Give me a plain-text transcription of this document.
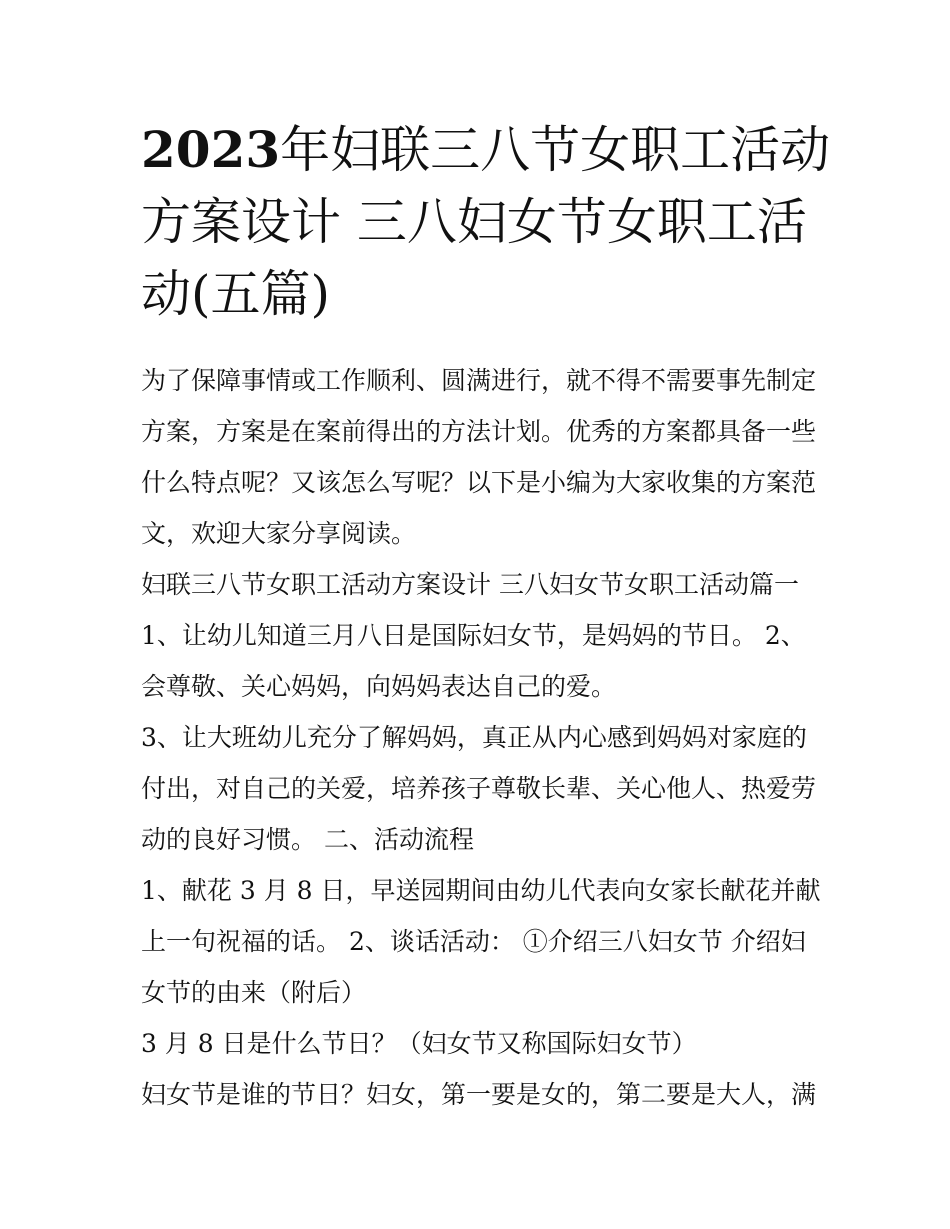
2023年妇联三八节女职工活动
方案设计 三八妇女节女职工活
动(五篇)
为了保障事情或工作顺利、圆满进行，就不得不需要事先制定
方案，方案是在案前得出的方法计划。优秀的方案都具备一些
什么特点呢？又该怎么写呢？以下是小编为大家收集的方案范
文，欢迎大家分享阅读。
妇联三八节女职工活动方案设计 三八妇女节女职工活动篇一
1、让幼儿知道三月八日是国际妇女节，是妈妈的节日。 2、
会尊敬、关心妈妈，向妈妈表达自己的爱。
3、让大班幼儿充分了解妈妈，真正从内心感到妈妈对家庭的
付出，对自己的关爱，培养孩子尊敬长辈、关心他人、热爱劳
动的良好习惯。 二、活动流程
1、献花 3 月 8 日，早送园期间由幼儿代表向女家长献花并献
上一句祝福的话。 2、谈话活动： ①介绍三八妇女节 介绍妇
女节的由来（附后）
3 月 8 日是什么节日？（妇女节又称国际妇女节）
妇女节是谁的节日？妇女，第一要是女的，第二要是大人，满
